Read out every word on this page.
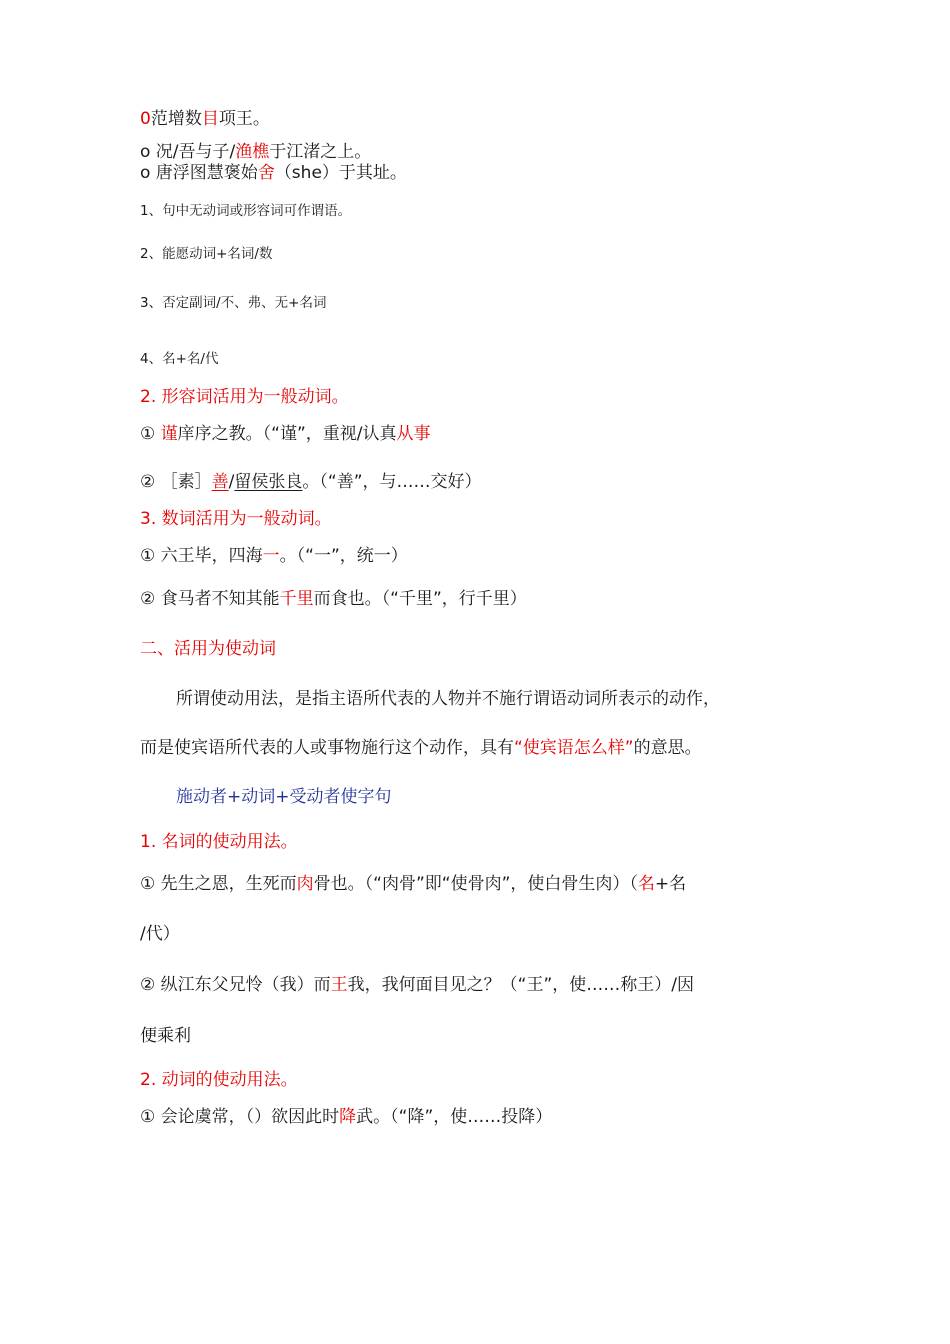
0范增数目项王。
o 况/吾与子/渔樵于江渚之上。
o 唐浮图慧褒始舍（she）于其址。
1、句中无动词或形容词可作谓语。
2、能愿动词+名词/数
3、否定副词/不、弗、无+名词
4、名+名/代
2. 形容词活用为一般动词。
① 谨庠序之教。（“谨”，重视/认真从事
② ［素］善/留侯张良。（“善”，与……交好）
3. 数词活用为一般动词。
① 六王毕，四海一。（“一”，统一）
② 食马者不知其能千里而食也。（“千里”，行千里）
二、活用为使动词
所谓使动用法，是指主语所代表的人物并不施行谓语动词所表示的动作，
而是使宾语所代表的人或事物施行这个动作，具有“使宾语怎么样”的意思。
施动者+动词+受动者使字句
1. 名词的使动用法。
① 先生之恩，生死而肉骨也。（“肉骨”即“使骨肉”，使白骨生肉）（名+名
/代）
② 纵江东父兄怜（我）而王我，我何面目见之？（“王”，使……称王）/因
便乘利
2. 动词的使动用法。
① 会论虞常，（）欲因此时降武。（“降”，使……投降）
